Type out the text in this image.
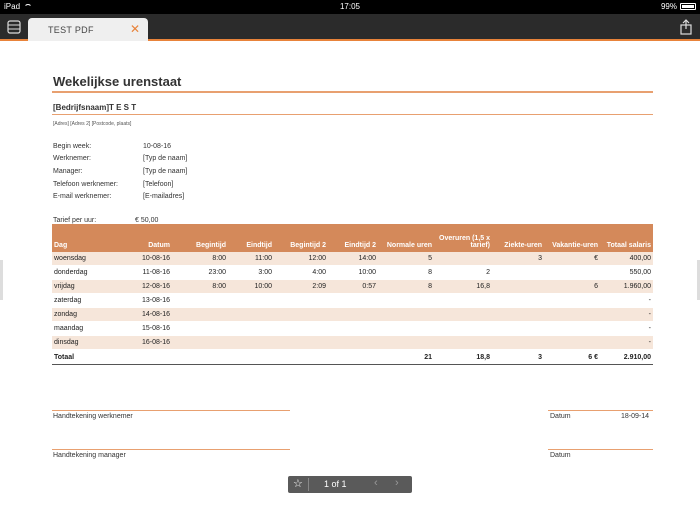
iPad	17:05	99%
TEST PDF	✕
Wekelijkse urenstaat
[Bedrijfsnaam]T E S T
[Adres] [Adres 2] [Postcode, plaats]
Begin week:	10-08-16
Werknemer:	[Typ de naam]
Manager:	[Typ de naam]
Telefoon werknemer:	[Telefoon]
E-mail werknemer:	[E-mailadres]
Tarief per uur:	€ 50,00
Dag	Datum	Begintijd	Eindtijd	Begintijd 2	Eindtijd 2	Normale uren	Overuren (1,5 x tarief)	Ziekte-uren	Vakantie-uren	Totaal salaris
woensdag	10-08-16	8:00	11:00	12:00	14:00	5		3	€	400,00
donderdag	11-08-16	23:00	3:00	4:00	10:00	8	2			550,00
vrijdag	12-08-16	8:00	10:00	2:09	0:57	8	16,8		6	1.960,00
zaterdag	13-08-16									-
zondag	14-08-16									-
maandag	15-08-16									-
dinsdag	16-08-16									-
Totaal						21	18,8	3	6 €	2.910,00
Handtekening werknemer	Datum	18-09-14
Handtekening manager	Datum
☆ 1 of 1 ‹ ›
